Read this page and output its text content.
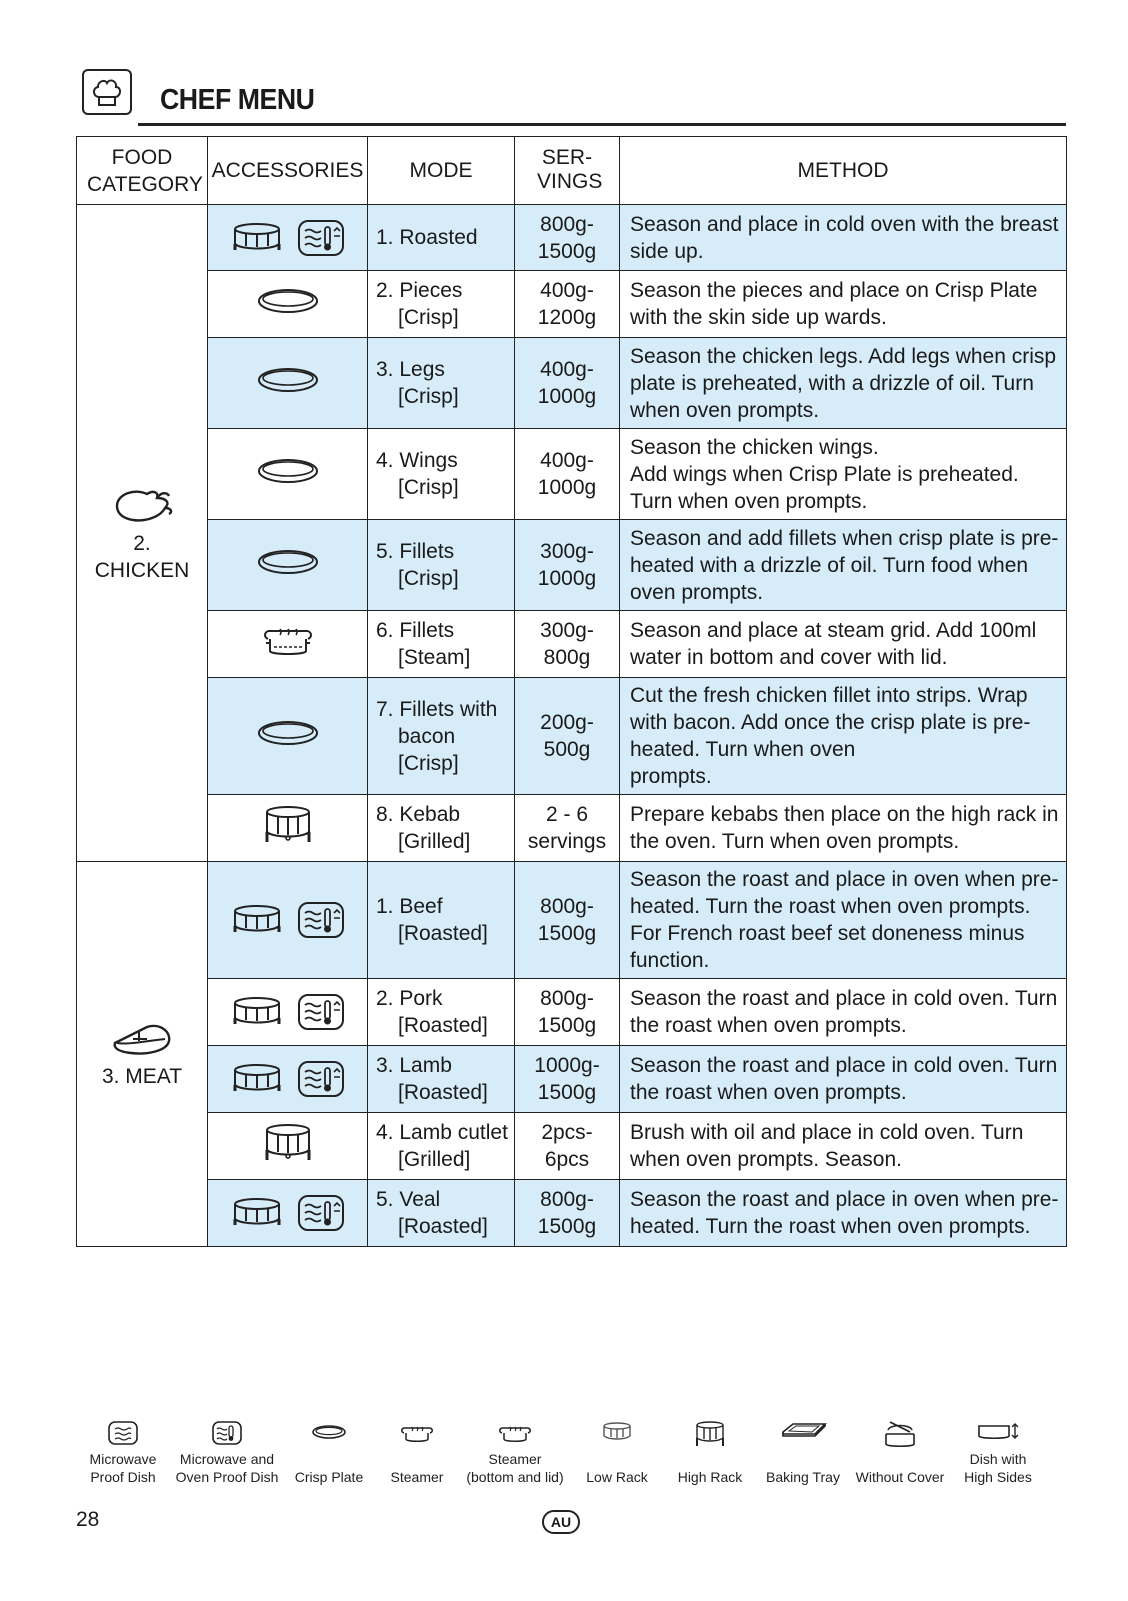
CHEF MENU
FOOD CATEGORY	ACCESSORIES	MODE	SER- VINGS	METHOD

2.
CHICKEN		1. Roasted	800g-
1500g	Season and place in cold oven with the breast side up.

2. Pieces
[Crisp]	400g-
1200g	Season the pieces and place on Crisp Plate with the skin side up wards.

3. Legs
[Crisp]	400g-
1000g	Season the chicken legs. Add legs when crisp plate is preheated, with a drizzle of oil. Turn when oven prompts.

4. Wings
[Crisp]	400g-
1000g	Season the chicken wings.
Add wings when Crisp Plate is preheated. Turn when oven prompts.

5. Fillets
[Crisp]	300g-
1000g	Season and add fillets when crisp plate is pre-heated with a drizzle of oil. Turn food when oven prompts.

6. Fillets
[Steam]	300g-
800g	Season and place at steam grid. Add 100ml water in bottom and cover with lid.

7. Fillets with
bacon [Crisp]	200g-
500g	Cut the fresh chicken fillet into strips. Wrap with bacon. Add once the crisp plate is pre-heated. Turn when oven
prompts.

8. Kebab
[Grilled]	2 - 6
servings	Prepare kebabs then place on the high rack in the oven. Turn when oven prompts.

3. MEAT		1. Beef
[Roasted]	800g-
1500g	Season the roast and place in oven when pre-heated. Turn the roast when oven prompts. For French roast beef set doneness minus function.

2. Pork
[Roasted]	800g-
1500g	Season the roast and place in cold oven. Turn the roast when oven prompts.

3. Lamb
[Roasted]	1000g-
1500g	Season the roast and place in cold oven. Turn the roast when oven prompts.

4. Lamb cutlet
[Grilled]	2pcs-
6pcs	Brush with oil and place in cold oven. Turn when oven prompts. Season.

5. Veal
[Roasted]	800g-
1500g	Season the roast and place in oven when pre-heated. Turn the roast when oven prompts.
Microwave
Proof Dish
Microwave and
Oven Proof Dish	Crisp Plate	Steamer
Steamer
(bottom and lid)	Low Rack	High Rack	Baking Tray	Without Cover
Dish with
High Sides
28	AU
